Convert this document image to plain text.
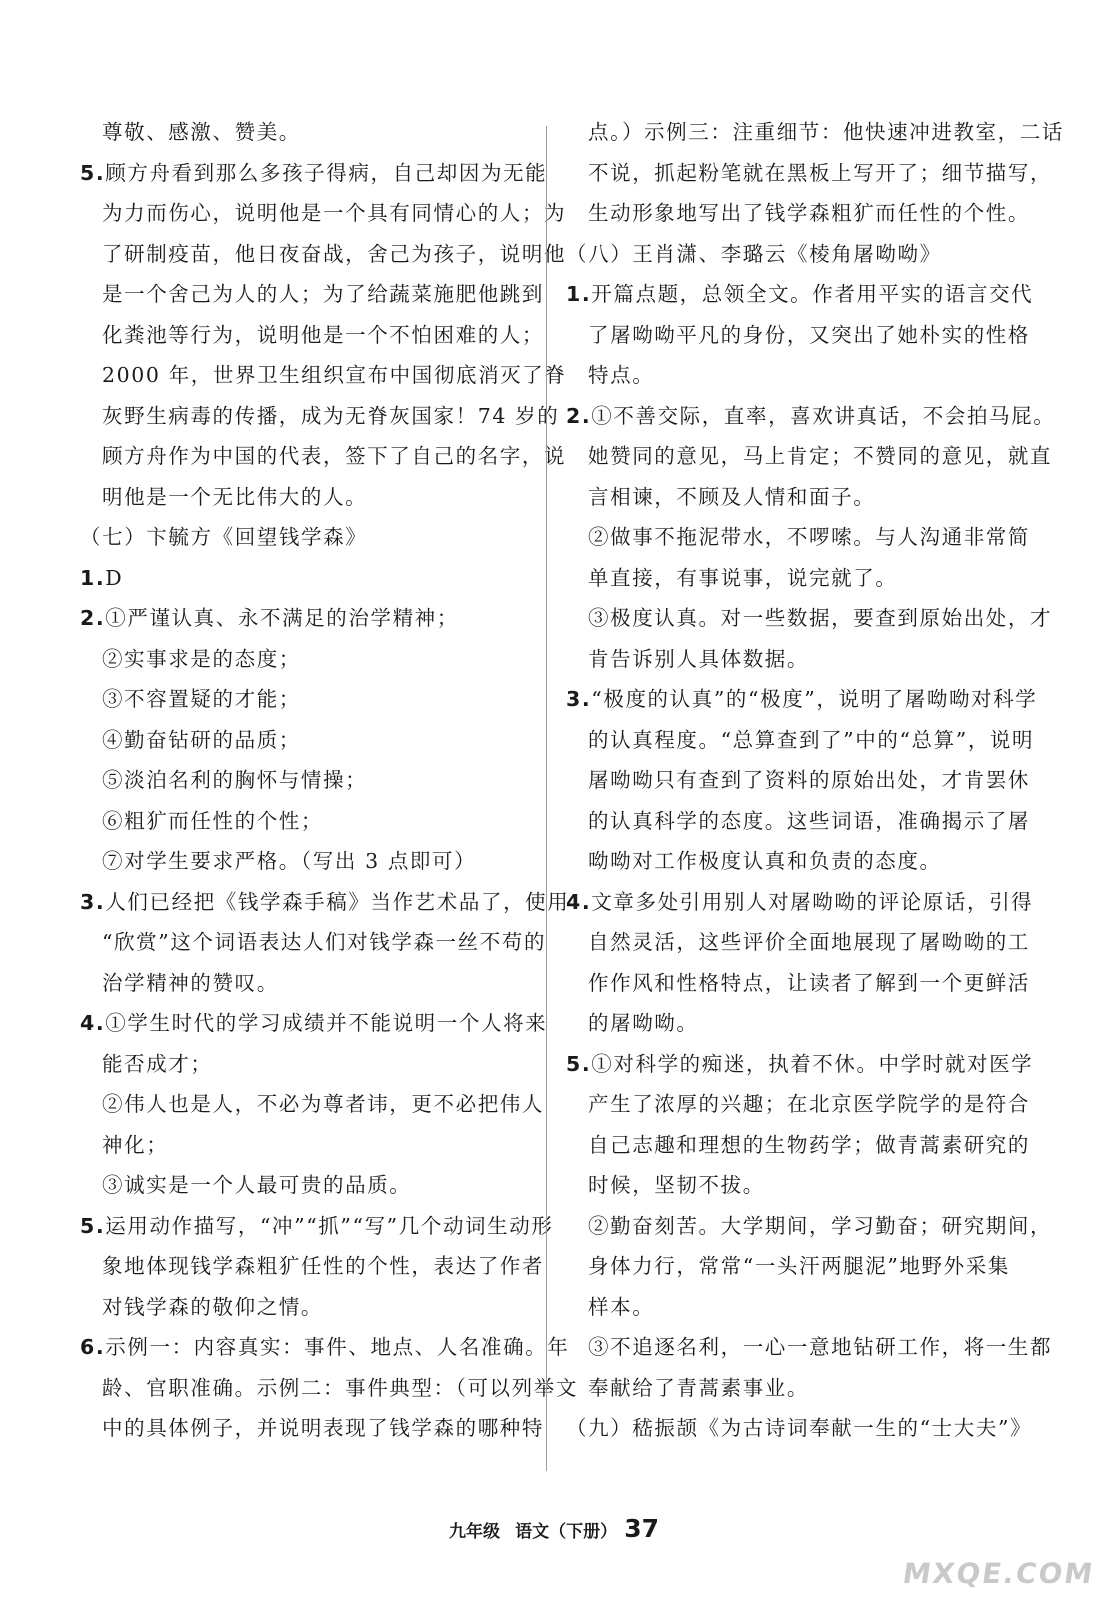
尊敬、感激、赞美。
5.顾方舟看到那么多孩子得病，自己却因为无能
为力而伤心，说明他是一个具有同情心的人；为
了研制疫苗，他日夜奋战，舍己为孩子，说明他
是一个舍己为人的人；为了给蔬菜施肥他跳到
化粪池等行为，说明他是一个不怕困难的人；
2000 年，世界卫生组织宣布中国彻底消灭了脊
灰野生病毒的传播，成为无脊灰国家！74 岁的
顾方舟作为中国的代表，签下了自己的名字，说
明他是一个无比伟大的人。
（七）卞毓方《回望钱学森》
1.D
2.①严谨认真、永不满足的治学精神；
②实事求是的态度；
③不容置疑的才能；
④勤奋钻研的品质；
⑤淡泊名利的胸怀与情操；
⑥粗犷而任性的个性；
⑦对学生要求严格。（写出 3 点即可）
3.人们已经把《钱学森手稿》当作艺术品了，使用
“欣赏”这个词语表达人们对钱学森一丝不苟的
治学精神的赞叹。
4.①学生时代的学习成绩并不能说明一个人将来
能否成才；
②伟人也是人，不必为尊者讳，更不必把伟人
神化；
③诚实是一个人最可贵的品质。
5.运用动作描写，“冲”“抓”“写”几个动词生动形
象地体现钱学森粗犷任性的个性，表达了作者
对钱学森的敬仰之情。
6.示例一：内容真实：事件、地点、人名准确。年
龄、官职准确。示例二：事件典型：（可以列举文
中的具体例子，并说明表现了钱学森的哪种特
点。）示例三：注重细节：他快速冲进教室，二话
不说，抓起粉笔就在黑板上写开了；细节描写，
生动形象地写出了钱学森粗犷而任性的个性。
（八）王肖潇、李璐云《棱角屠呦呦》
1.开篇点题，总领全文。作者用平实的语言交代
了屠呦呦平凡的身份，又突出了她朴实的性格
特点。
2.①不善交际，直率，喜欢讲真话，不会拍马屁。
她赞同的意见，马上肯定；不赞同的意见，就直
言相谏，不顾及人情和面子。
②做事不拖泥带水，不啰嗦。与人沟通非常简
单直接，有事说事，说完就了。
③极度认真。对一些数据，要查到原始出处，才
肯告诉别人具体数据。
3.“极度的认真”的“极度”，说明了屠呦呦对科学
的认真程度。“总算查到了”中的“总算”，说明
屠呦呦只有查到了资料的原始出处，才肯罢休
的认真科学的态度。这些词语，准确揭示了屠
呦呦对工作极度认真和负责的态度。
4.文章多处引用别人对屠呦呦的评论原话，引得
自然灵活，这些评价全面地展现了屠呦呦的工
作作风和性格特点，让读者了解到一个更鲜活
的屠呦呦。
5.①对科学的痴迷，执着不休。中学时就对医学
产生了浓厚的兴趣；在北京医学院学的是符合
自己志趣和理想的生物药学；做青蒿素研究的
时候，坚韧不拔。
②勤奋刻苦。大学期间，学习勤奋；研究期间，
身体力行，常常“一头汗两腿泥”地野外采集
样本。
③不追逐名利，一心一意地钻研工作，将一生都
奉献给了青蒿素事业。
（九）嵇振颉《为古诗词奉献一生的“士大夫”》
九年级 语文（下册） 37
MXQE.COM
